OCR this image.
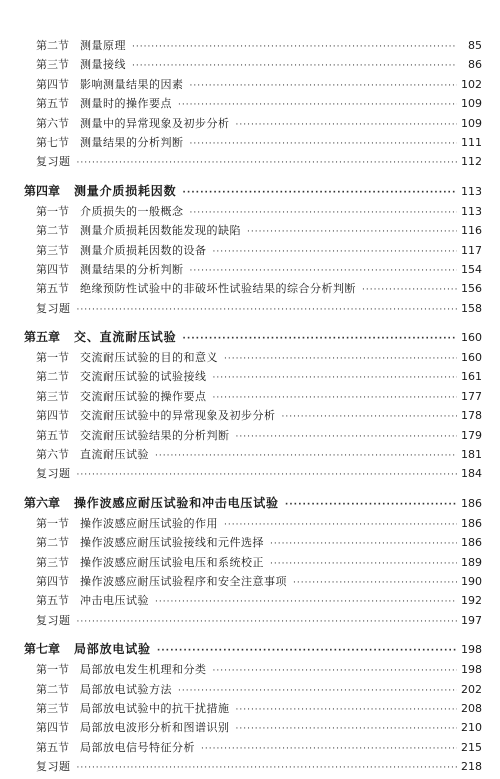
第二节	测量原理 ·····	85
第三节	测量接线 ·····	86
第四节	影响测量结果的因素 ·····	102
第五节	测量时的操作要点 ·····	109
第六节	测量中的异常现象及初步分析 ·····	109
第七节	测量结果的分析判断 ·····	111
复习题 ·····	112
第四章	测量介质损耗因数 ·····	113
第一节	介质损失的一般概念 ·····	113
第二节	测量介质损耗因数能发现的缺陷 ·····	116
第三节	测量介质损耗因数的设备 ·····	117
第四节	测量结果的分析判断 ·····	154
第五节	绝缘预防性试验中的非破坏性试验结果的综合分析判断 ·····	156
复习题 ·····	158
第五章	交、直流耐压试验 ·····	160
第一节	交流耐压试验的目的和意义 ·····	160
第二节	交流耐压试验的试验接线 ·····	161
第三节	交流耐压试验的操作要点 ·····	177
第四节	交流耐压试验中的异常现象及初步分析 ·····	178
第五节	交流耐压试验结果的分析判断 ·····	179
第六节	直流耐压试验 ·····	181
复习题 ·····	184
第六章	操作波感应耐压试验和冲击电压试验 ·····	186
第一节	操作波感应耐压试验的作用 ·····	186
第二节	操作波感应耐压试验接线和元件选择 ·····	186
第三节	操作波感应耐压试验电压和系统校正 ·····	189
第四节	操作波感应耐压试验程序和安全注意事项 ·····	190
第五节	冲击电压试验 ·····	192
复习题 ·····	197
第七章	局部放电试验 ·····	198
第一节	局部放电发生机理和分类 ·····	198
第二节	局部放电试验方法 ·····	202
第三节	局部放电试验中的抗干扰措施 ·····	208
第四节	局部放电波形分析和图谱识别 ·····	210
第五节	局部放电信号特征分析 ·····	215
复习题 ·····	218
